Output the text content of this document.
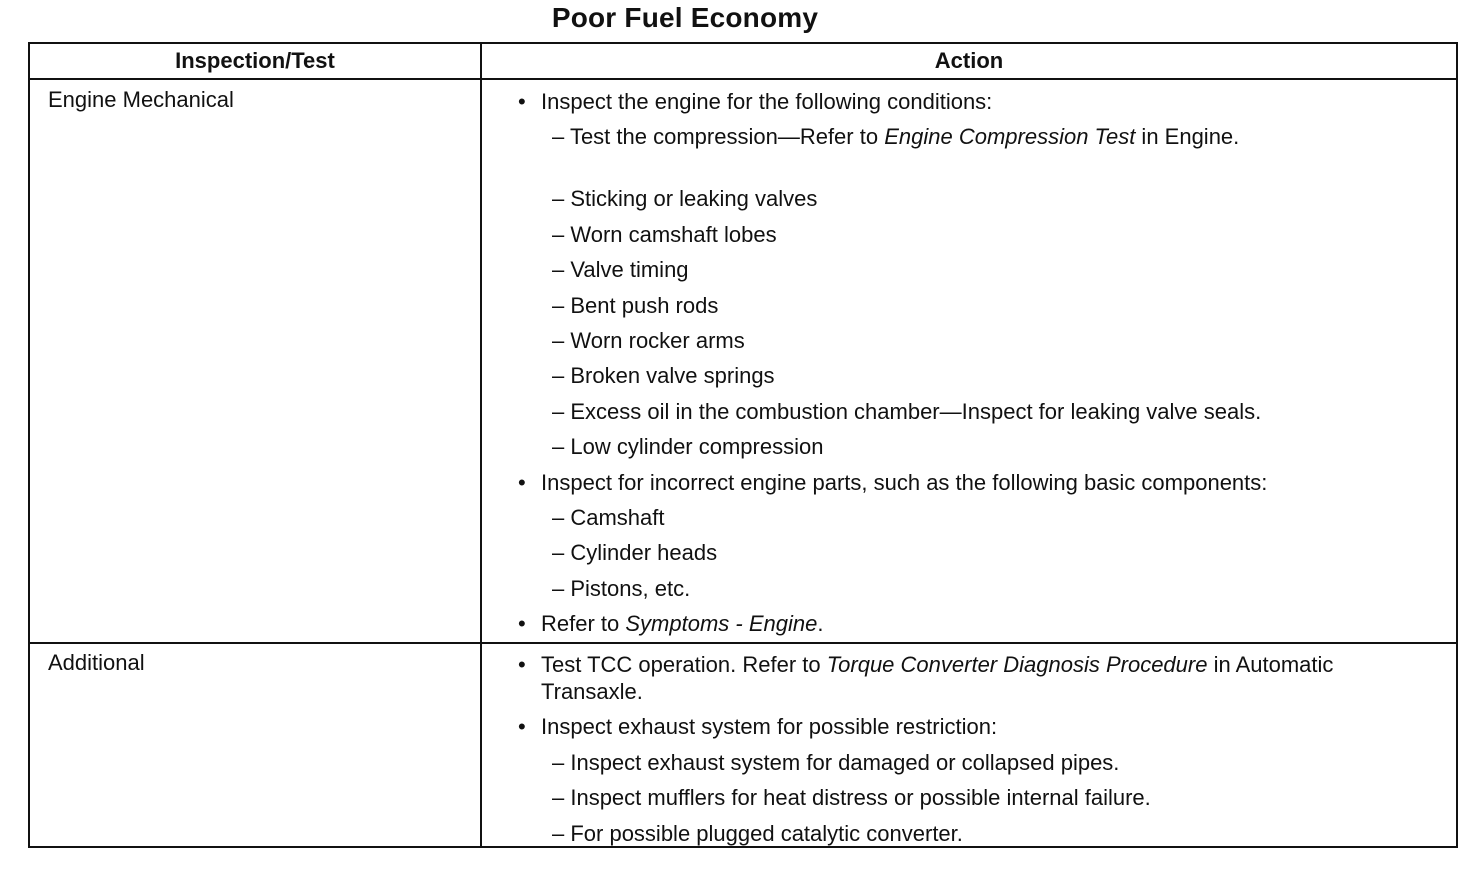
Poor Fuel Economy
Inspection/Test	Action
Engine Mechanical	• Inspect the engine for the following conditions:
– Test the compression—Refer to Engine Compression Test in Engine.
– Sticking or leaking valves
– Worn camshaft lobes
– Valve timing
– Bent push rods
– Worn rocker arms
– Broken valve springs
– Excess oil in the combustion chamber—Inspect for leaking valve seals.
– Low cylinder compression
• Inspect for incorrect engine parts, such as the following basic components:
– Camshaft
– Cylinder heads
– Pistons, etc.
• Refer to Symptoms - Engine.
Additional	• Test TCC operation. Refer to Torque Converter Diagnosis Procedure in Automatic Transaxle.
• Inspect exhaust system for possible restriction:
– Inspect exhaust system for damaged or collapsed pipes.
– Inspect mufflers for heat distress or possible internal failure.
– For possible plugged catalytic converter.
